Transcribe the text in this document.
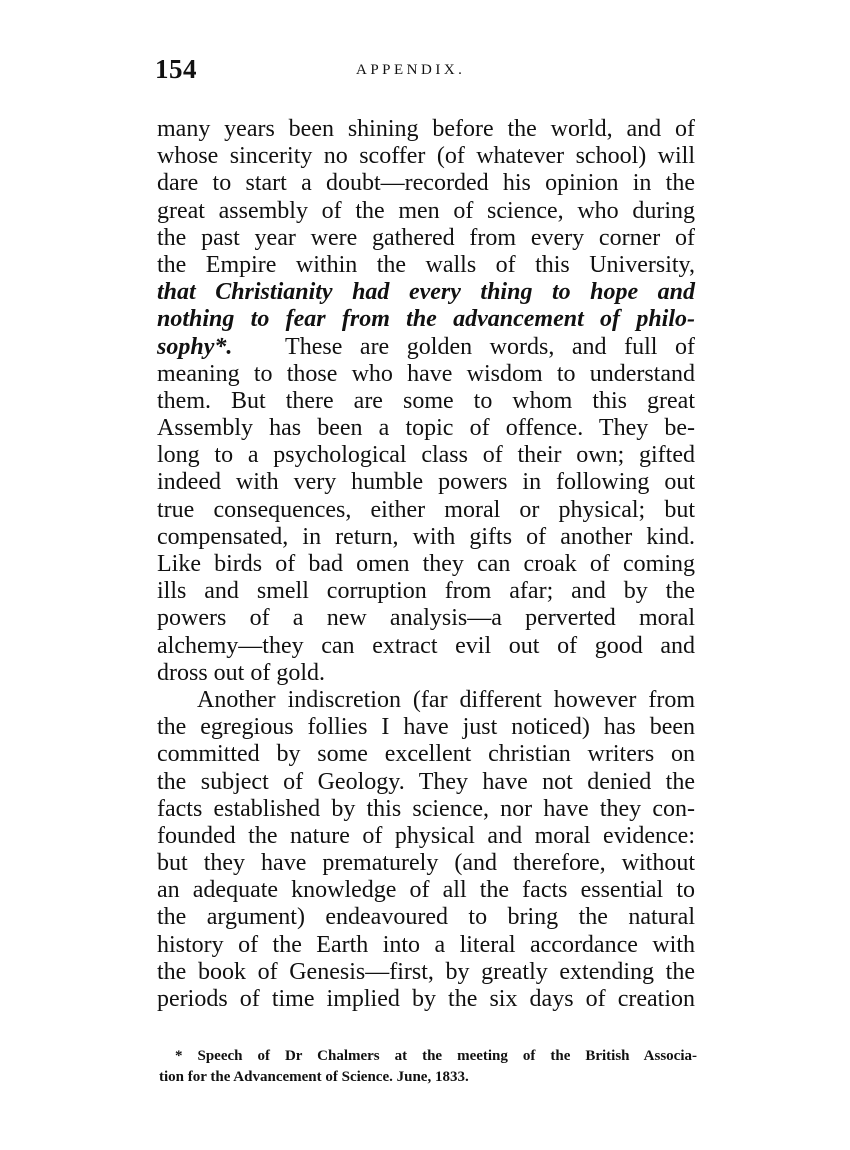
154	APPENDIX.
many years been shining before the world, and of
whose sincerity no scoffer (of whatever school) will
dare to start a doubt—recorded his opinion in the
great assembly of the men of science, who during
the past year were gathered from every corner of
the Empire within the walls of this University,
that Christianity had every thing to hope and
nothing to fear from the advancement of philo-
sophy*. These are golden words, and full of
meaning to those who have wisdom to understand
them. But there are some to whom this great
Assembly has been a topic of offence. They be-
long to a psychological class of their own; gifted
indeed with very humble powers in following out
true consequences, either moral or physical; but
compensated, in return, with gifts of another kind.
Like birds of bad omen they can croak of coming
ills and smell corruption from afar; and by the
powers of a new analysis—a perverted moral
alchemy—they can extract evil out of good and
dross out of gold.
Another indiscretion (far different however from
the egregious follies I have just noticed) has been
committed by some excellent christian writers on
the subject of Geology. They have not denied the
facts established by this science, nor have they con-
founded the nature of physical and moral evidence:
but they have prematurely (and therefore, without
an adequate knowledge of all the facts essential to
the argument) endeavoured to bring the natural
history of the Earth into a literal accordance with
the book of Genesis—first, by greatly extending the
periods of time implied by the six days of creation
* Speech of Dr Chalmers at the meeting of the British Associa-
tion for the Advancement of Science. June, 1833.
